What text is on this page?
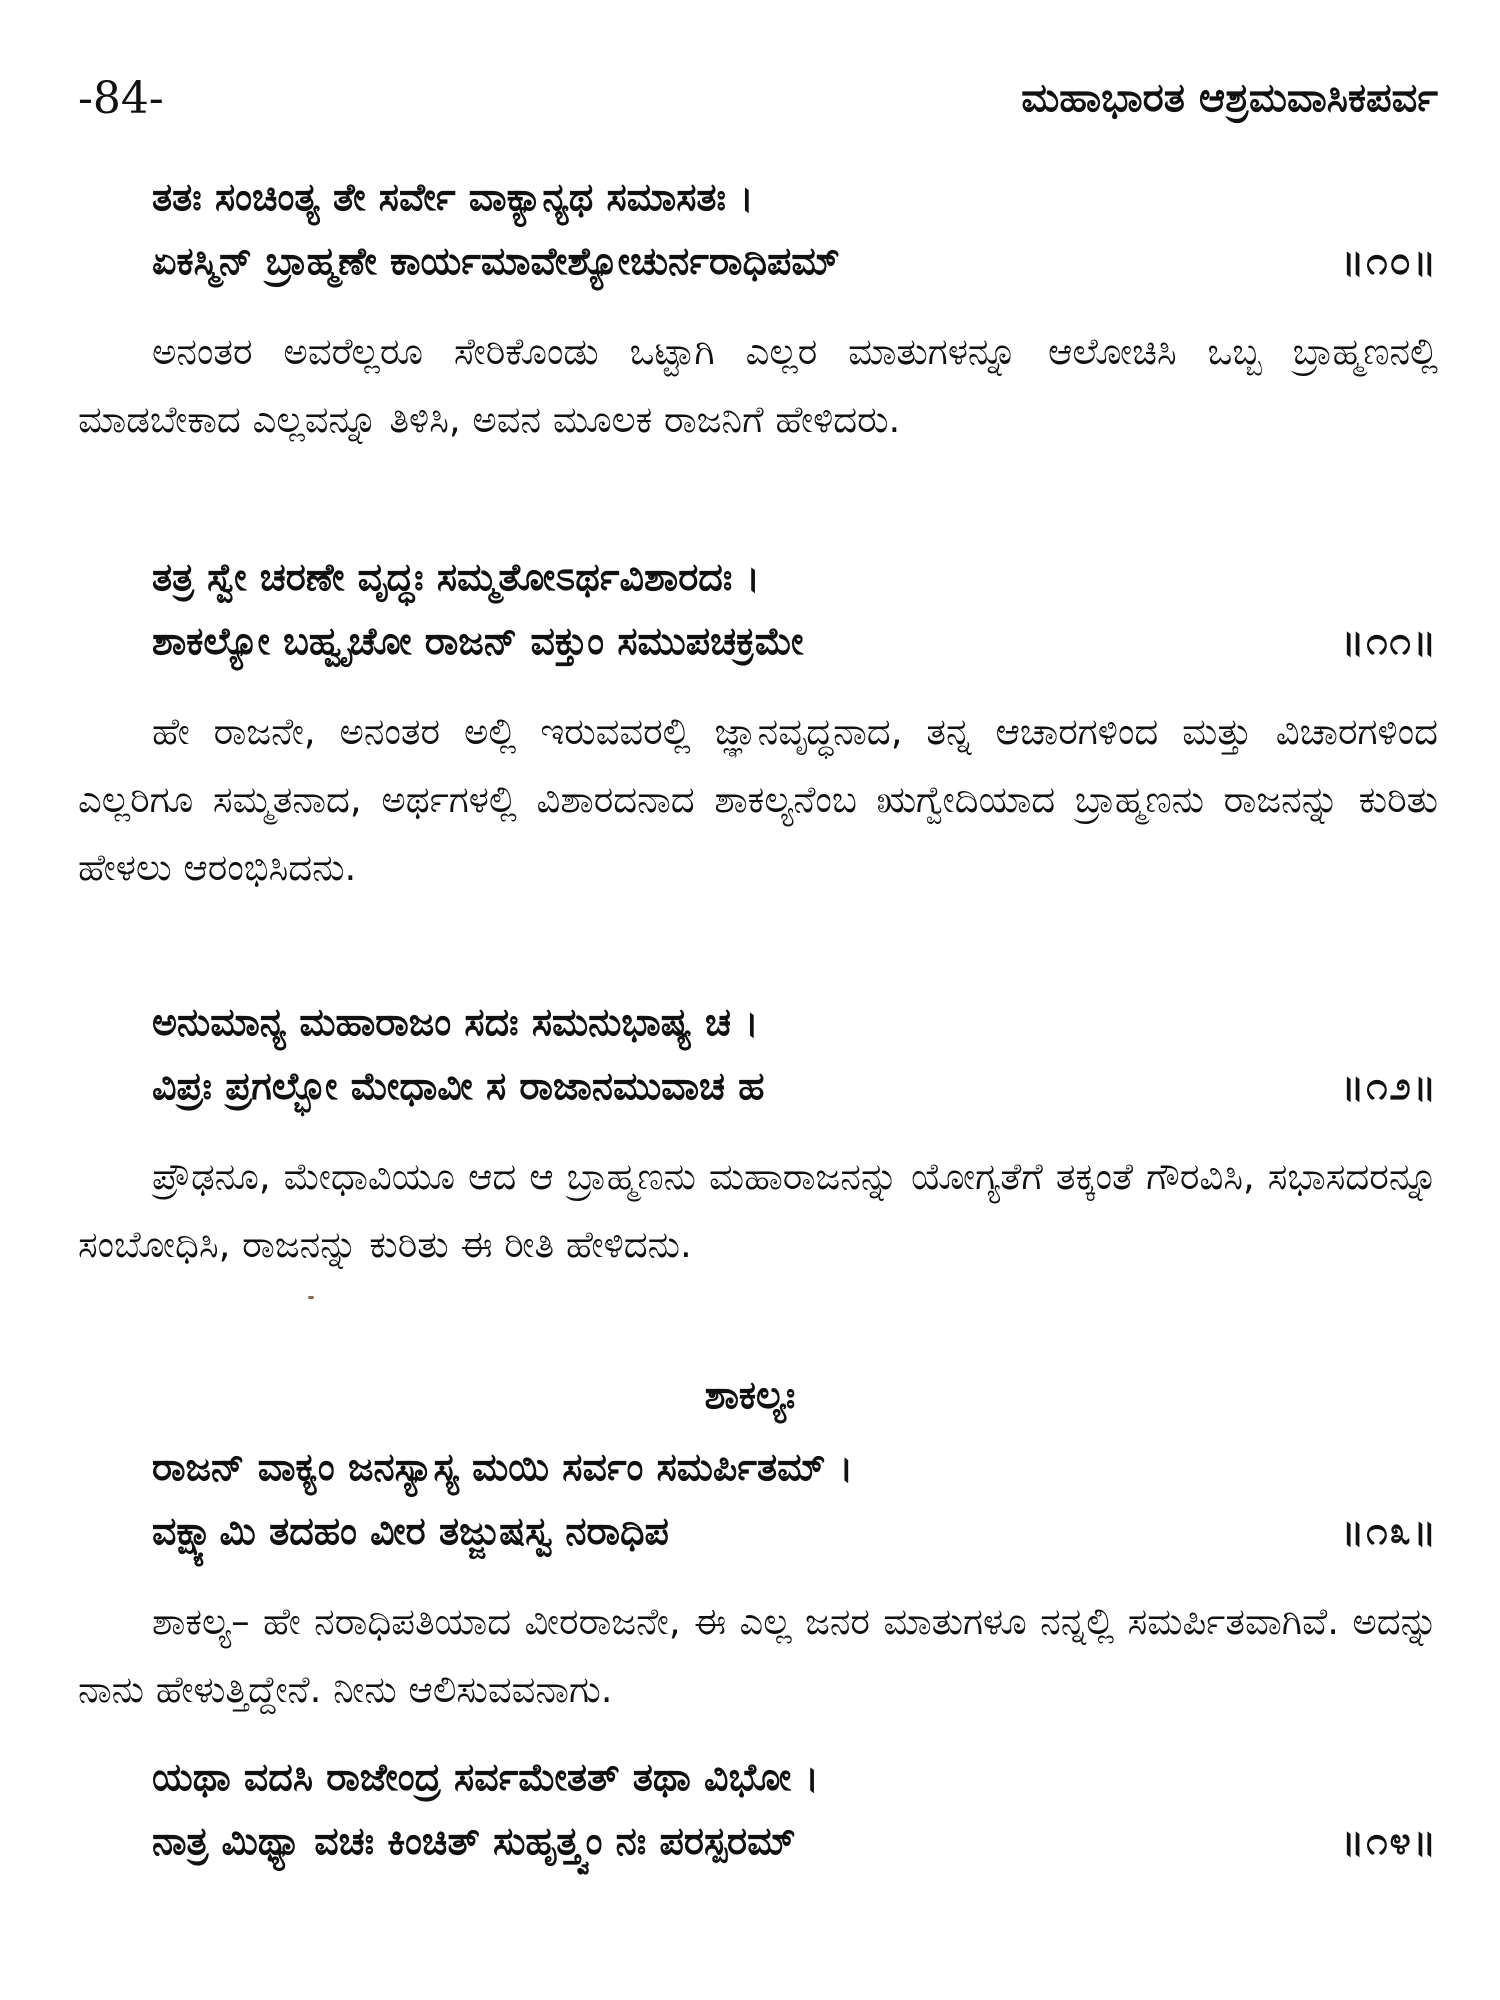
-84-	ಮಹಾಭಾರತ ಆಶ್ರಮವಾಸಿಕಪರ್ವ
ತತಃ ಸಂಚಿಂತ್ಯ ತೇ ಸರ್ವೇ ವಾಕ್ಯಾನ್ಯಥ ಸಮಾಸತಃ ।
ಏಕಸ್ಮಿನ್ ಬ್ರಾಹ್ಮಣೇ ಕಾರ್ಯಮಾವೇಶ್ಯೋಚುರ್ನರಾಧಿಪಮ್	॥೧೦॥

ಅನಂತರ ಅವರೆಲ್ಲರೂ ಸೇರಿಕೊಂಡು ಒಟ್ಟಾಗಿ ಎಲ್ಲರ ಮಾತುಗಳನ್ನೂ ಆಲೋಚಿಸಿ ಒಬ್ಬ ಬ್ರಾಹ್ಮಣನಲ್ಲಿ ಮಾಡಬೇಕಾದ ಎಲ್ಲವನ್ನೂ ತಿಳಿಸಿ, ಅವನ ಮೂಲಕ ರಾಜನಿಗೆ ಹೇಳಿದರು.

ತತ್ರ ಸ್ವೇ ಚರಣೇ ವೃದ್ಧಃ ಸಮ್ಮತೋಽರ್ಥವಿಶಾರದಃ ।
ಶಾಕಲ್ಯೋ ಬಹ್ವೃಚೋ ರಾಜನ್ ವಕ್ತುಂ ಸಮುಪಚಕ್ರಮೇ	॥೧೧॥

ಹೇ ರಾಜನೇ, ಅನಂತರ ಅಲ್ಲಿ ಇರುವವರಲ್ಲಿ ಜ್ಞಾನವೃದ್ಧನಾದ, ತನ್ನ ಆಚಾರಗಳಿಂದ ಮತ್ತು ವಿಚಾರಗಳಿಂದ ಎಲ್ಲರಿಗೂ ಸಮ್ಮತನಾದ, ಅರ್ಥಗಳಲ್ಲಿ ವಿಶಾರದನಾದ ಶಾಕಲ್ಯನೆಂಬ ಋಗ್ವೇದಿಯಾದ ಬ್ರಾಹ್ಮಣನು ರಾಜನನ್ನು ಕುರಿತು ಹೇಳಲು ಆರಂಭಿಸಿದನು.

ಅನುಮಾನ್ಯ ಮಹಾರಾಜಂ ಸದಃ ಸಮನುಭಾಷ್ಯ ಚ ।
ವಿಪ್ರಃ ಪ್ರಗಲ್ಭೋ ಮೇಧಾವೀ ಸ ರಾಜಾನಮುವಾಚ ಹ	॥೧೨॥

ಪ್ರೌಢನೂ, ಮೇಧಾವಿಯೂ ಆದ ಆ ಬ್ರಾಹ್ಮಣನು ಮಹಾರಾಜನನ್ನು ಯೋಗ್ಯತೆಗೆ ತಕ್ಕಂತೆ ಗೌರವಿಸಿ, ಸಭಾಸದರನ್ನೂ ಸಂಬೋಧಿಸಿ, ರಾಜನನ್ನು ಕುರಿತು ಈ ರೀತಿ ಹೇಳಿದನು.

ಶಾಕಲ್ಯಃ
ರಾಜನ್ ವಾಕ್ಯಂ ಜನಸ್ಯಾಸ್ಯ ಮಯಿ ಸರ್ವಂ ಸಮರ್ಪಿತಮ್ ।
ವಕ್ಷ್ಯಾಮಿ ತದಹಂ ವೀರ ತಜ್ಜುಷಸ್ವ ನರಾಧಿಪ	॥೧೩॥

ಶಾಕಲ್ಯ– ಹೇ ನರಾಧಿಪತಿಯಾದ ವೀರರಾಜನೇ, ಈ ಎಲ್ಲ ಜನರ ಮಾತುಗಳೂ ನನ್ನಲ್ಲಿ ಸಮರ್ಪಿತವಾಗಿವೆ. ಅದನ್ನು ನಾನು ಹೇಳುತ್ತಿದ್ದೇನೆ. ನೀನು ಆಲಿಸುವವನಾಗು.

ಯಥಾ ವದಸಿ ರಾಜೇಂದ್ರ ಸರ್ವಮೇತತ್ ತಥಾ ವಿಭೋ ।
ನಾತ್ರ ಮಿಥ್ಯಾ ವಚಃ ಕಿಂಚಿತ್ ಸುಹೃತ್ತ್ವಂ ನಃ ಪರಸ್ಪರಮ್	॥೧೪॥
